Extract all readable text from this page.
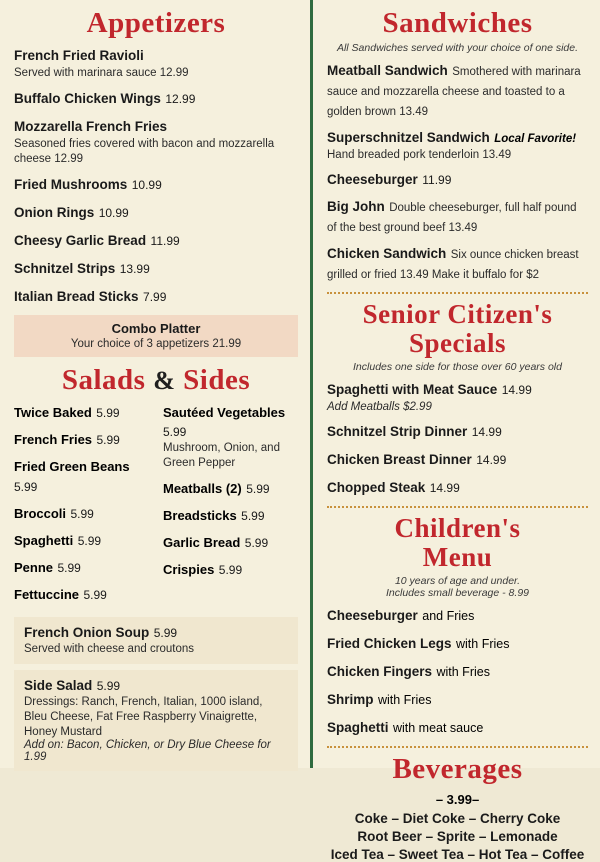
Appetizers
French Fried Ravioli
Served with marinara sauce 12.99
Buffalo Chicken Wings 12.99
Mozzarella French Fries
Seasoned fries covered with bacon and mozzarella cheese 12.99
Fried Mushrooms 10.99
Onion Rings 10.99
Cheesy Garlic Bread 11.99
Schnitzel Strips 13.99
Italian Bread Sticks 7.99
Combo Platter
Your choice of 3 appetizers 21.99
Salads & Sides
Twice Baked 5.99
French Fries 5.99
Fried Green Beans 5.99
Broccoli 5.99
Spaghetti 5.99
Penne 5.99
Fettuccine 5.99
Sautéed Vegetables 5.99
Mushroom, Onion, and Green Pepper
Meatballs (2) 5.99
Breadsticks 5.99
Garlic Bread 5.99
Crispies 5.99
French Onion Soup 5.99
Served with cheese and croutons
Side Salad 5.99
Dressings: Ranch, French, Italian, 1000 island, Bleu Cheese, Fat Free Raspberry Vinaigrette, Honey Mustard
Add on: Bacon, Chicken, or Dry Blue Cheese for 1.99
Sandwiches
All Sandwiches served with your choice of one side.
Meatball Sandwich Smothered with marinara sauce and mozzarella cheese and toasted to a golden brown 13.49
Superschnitzel Sandwich Local Favorite!
Hand breaded pork tenderloin 13.49
Cheeseburger 11.99
Big John Double cheeseburger, full half pound of the best ground beef 13.49
Chicken Sandwich Six ounce chicken breast grilled or fried 13.49 Make it buffalo for $2
Senior Citizen's
Specials
Includes one side for those over 60 years old
Spaghetti with Meat Sauce 14.99
Add Meatballs $2.99
Schnitzel Strip Dinner 14.99
Chicken Breast Dinner 14.99
Chopped Steak 14.99
Children's
Menu
10 years of age and under.
Includes small beverage - 8.99
Cheeseburger and Fries
Fried Chicken Legs with Fries
Chicken Fingers with Fries
Shrimp with Fries
Spaghetti with meat sauce
Beverages
– 3.99–
Coke – Diet Coke – Cherry Coke
Root Beer – Sprite – Lemonade
Iced Tea – Sweet Tea – Hot Tea – Coffee
